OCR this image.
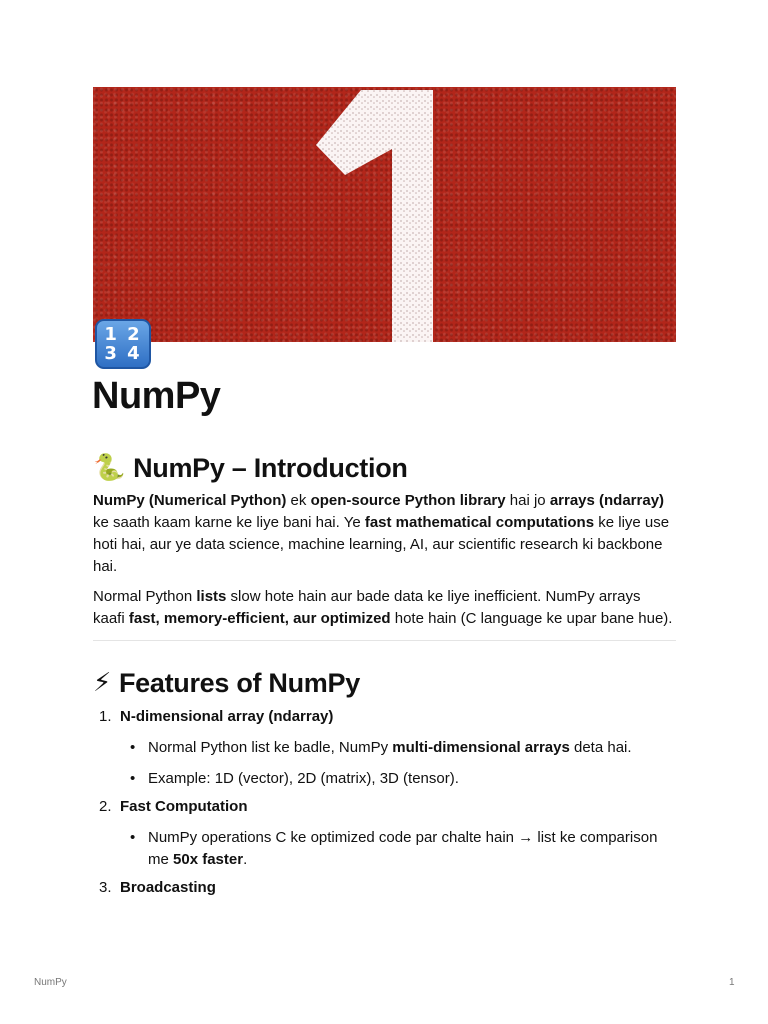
1 2
3 4
NumPy
🐍 NumPy – Introduction

NumPy (Numerical Python) ek open-source Python library hai jo arrays (ndarray) ke saath kaam karne ke liye bani hai. Ye fast mathematical computations ke liye use hoti hai, aur ye data science, machine learning, AI, aur scientific research ki backbone hai.

Normal Python lists slow hote hain aur bade data ke liye inefficient. NumPy arrays kaafi fast, memory-efficient, aur optimized hote hain (C language ke upar bane hue).

⚡ Features of NumPy
1. N-dimensional array (ndarray)
• Normal Python list ke badle, NumPy multi-dimensional arrays deta hai.
• Example: 1D (vector), 2D (matrix), 3D (tensor).
2. Fast Computation
• NumPy operations C ke optimized code par chalte hain → list ke comparison me 50x faster.
3. Broadcasting
NumPy	1
